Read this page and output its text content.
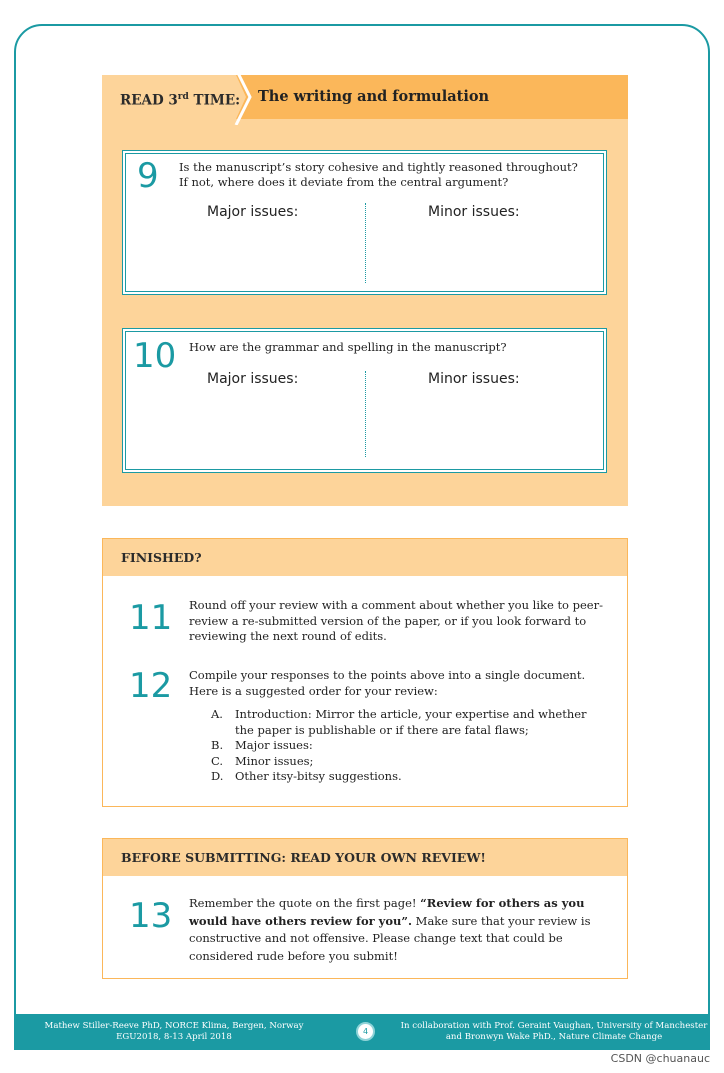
READ 3rd TIME: The writing and formulation
9 Is the manuscript’s story cohesive and tightly reasoned throughout?
If not, where does it deviate from the central argument?
Major issues:	Minor issues:
10 How are the grammar and spelling in the manuscript?
Major issues:	Minor issues:
FINISHED?
11 Round off your review with a comment about whether you like to peer-review a re-submitted version of the paper, or if you look forward to reviewing the next round of edits.
12 Compile your responses to the points above into a single document. Here is a suggested order for your review:
A. Introduction: Mirror the article, your expertise and whether the paper is publishable or if there are fatal flaws;
B. Major issues:
C. Minor issues;
D. Other itsy-bitsy suggestions.
BEFORE SUBMITTING: READ YOUR OWN REVIEW!
13 Remember the quote on the first page! “Review for others as you would have others review for you”. Make sure that your review is constructive and not offensive. Please change text that could be considered rude before you submit!
Mathew Stiller-Reeve PhD, NORCE Klima, Bergen, Norway
EGU2018, 8-13 April 2018
4
In collaboration with Prof. Geraint Vaughan, University of Manchester
and Bronwyn Wake PhD., Nature Climate Change
CSDN @chuanauc
